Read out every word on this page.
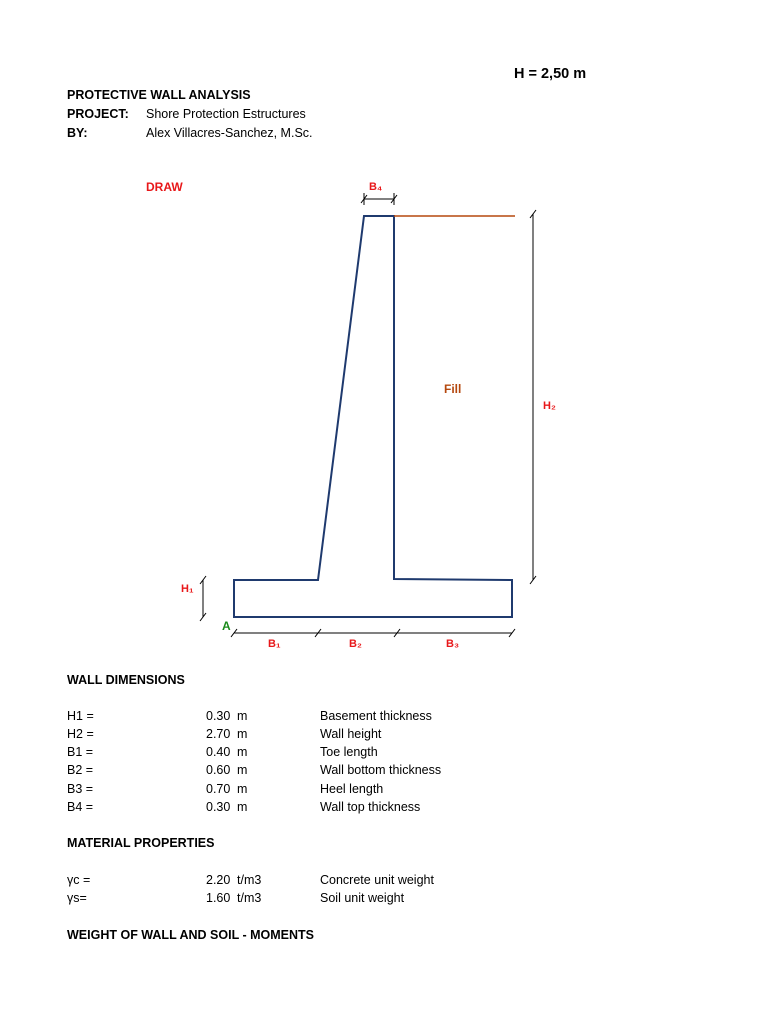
H = 2,50 m
PROTECTIVE WALL ANALYSIS
PROJECT: Shore Protection Estructures
BY:	Alex Villacres-Sanchez, M.Sc.
DRAW	B₄
Fill
H₂
H₁
A
B₁	B₂	B₃
WALL DIMENSIONS
H1 =	0.30 m	Basement thickness
H2 =	2.70 m	Wall height
B1 =	0.40 m	Toe length
B2 =	0.60 m	Wall bottom thickness
B3 =	0.70 m	Heel length
B4 =	0.30 m	Wall top thickness
MATERIAL PROPERTIES
γc =	2.20 t/m3	Concrete unit weight
γs=	1.60 t/m3	Soil unit weight
WEIGHT OF WALL AND SOIL - MOMENTS
